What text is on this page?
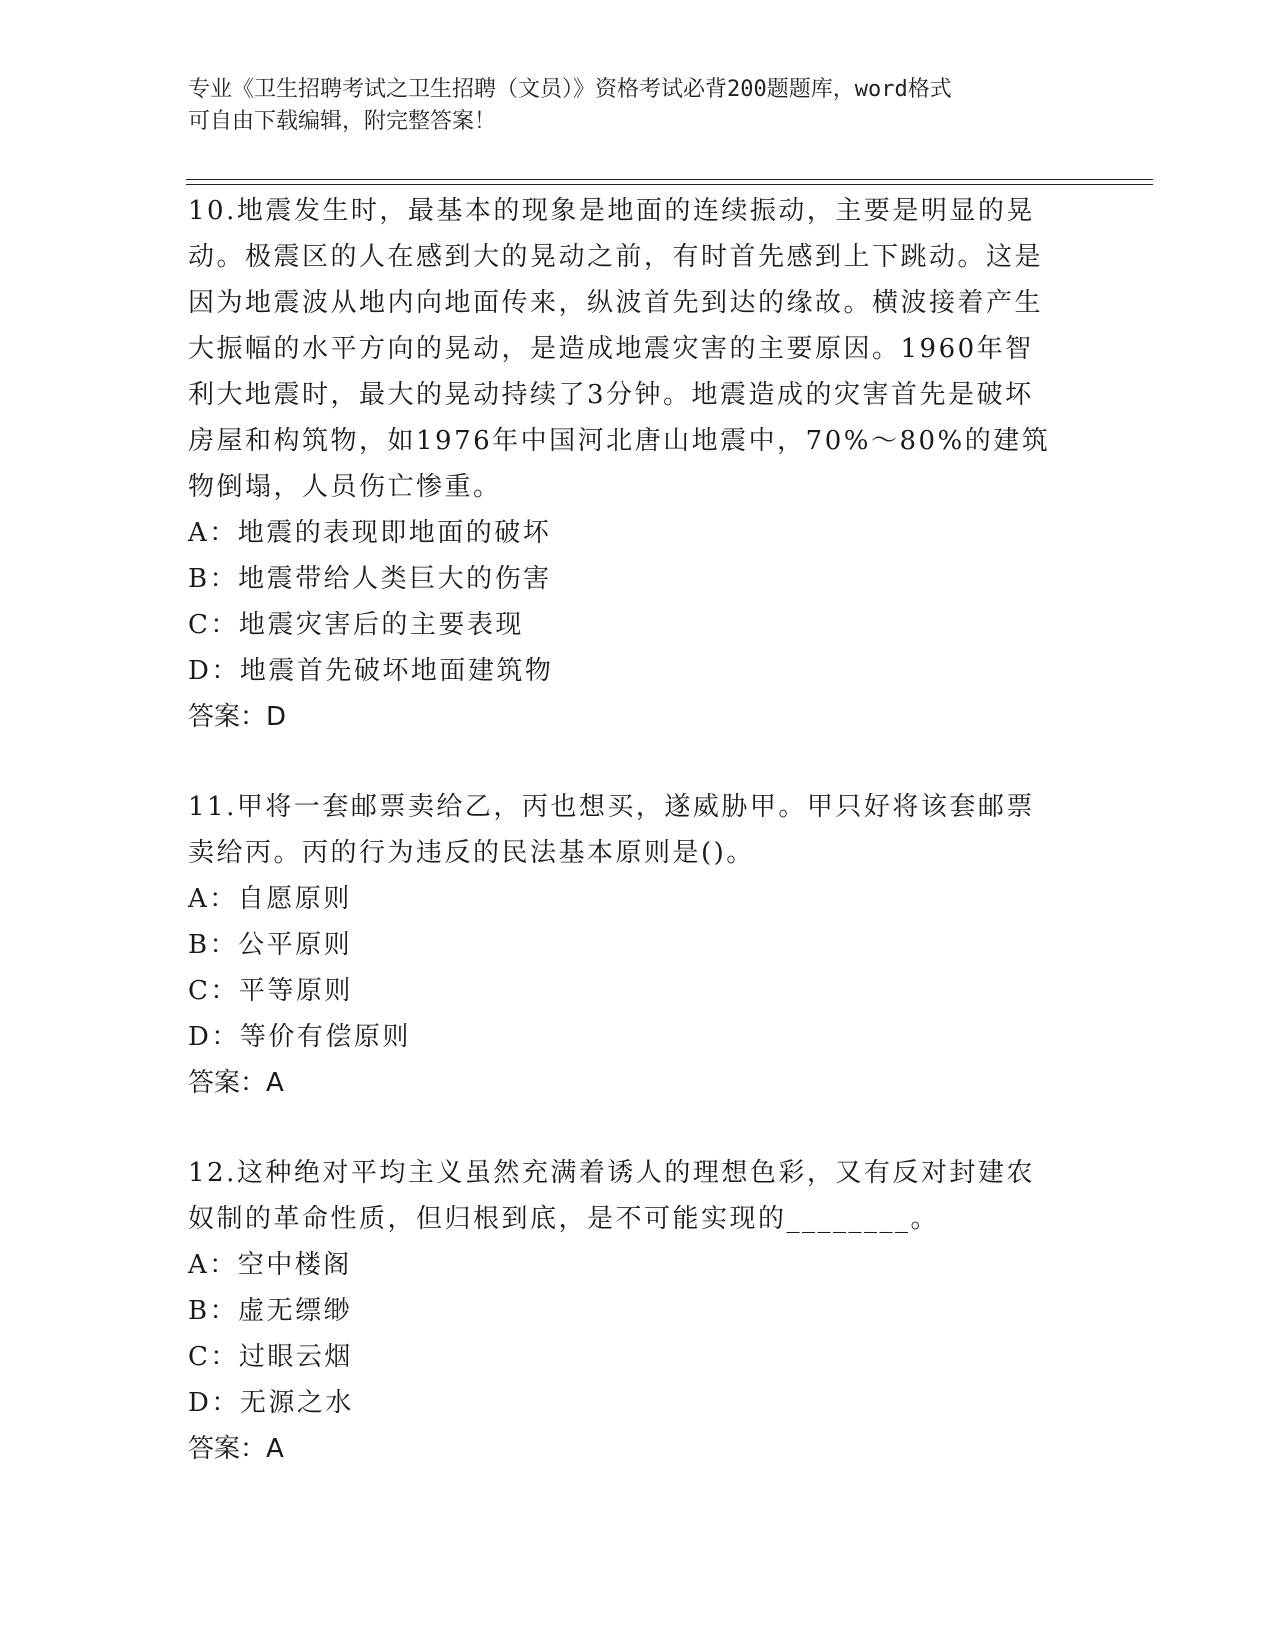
专业《卫生招聘考试之卫生招聘（文员）》资格考试必背200题题库，word格式
可自由下载编辑，附完整答案！

10.地震发生时，最基本的现象是地面的连续振动，主要是明显的晃动。极震区的人在感到大的晃动之前，有时首先感到上下跳动。这是因为地震波从地内向地面传来，纵波首先到达的缘故。横波接着产生大振幅的水平方向的晃动，是造成地震灾害的主要原因。1960年智利大地震时，最大的晃动持续了3分钟。地震造成的灾害首先是破坏房屋和构筑物，如1976年中国河北唐山地震中，70%～80%的建筑物倒塌，人员伤亡惨重。

A：地震的表现即地面的破坏

B：地震带给人类巨大的伤害

C：地震灾害后的主要表现

D：地震首先破坏地面建筑物

答案：D

11.甲将一套邮票卖给乙，丙也想买，遂威胁甲。甲只好将该套邮票卖给丙。丙的行为违反的民法基本原则是()。

A：自愿原则

B：公平原则

C：平等原则

D：等价有偿原则

答案：A

12.这种绝对平均主义虽然充满着诱人的理想色彩，又有反对封建农奴制的革命性质，但归根到底，是不可能实现的________。

A：空中楼阁

B：虚无缥缈

C：过眼云烟

D：无源之水

答案：A
